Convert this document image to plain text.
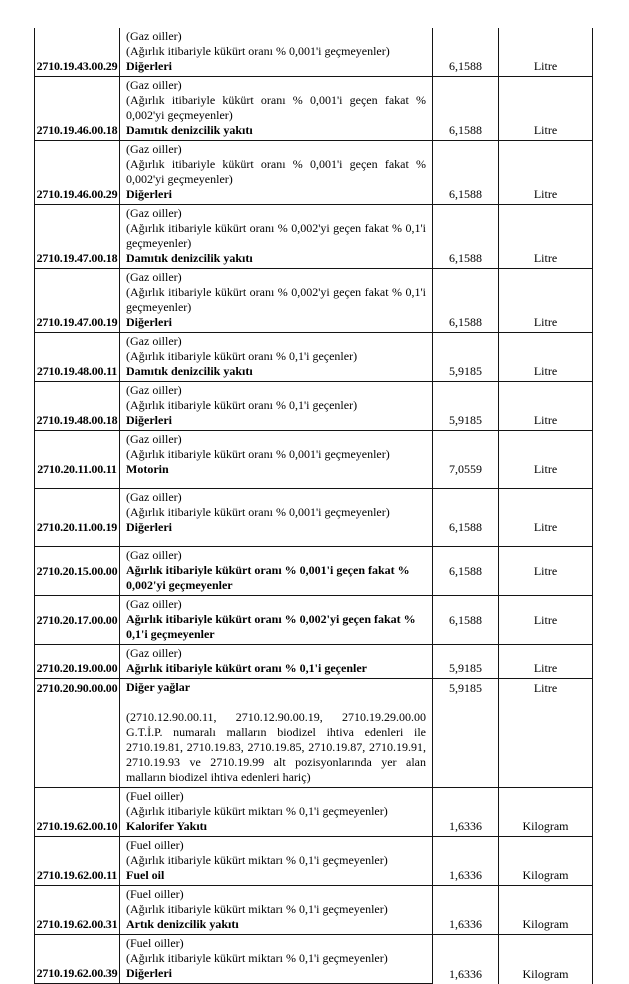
2710.19.43.00.29	(Gaz oiller)
(Ağırlık itibariyle kükürt oranı % 0,001'i geçmeyenler)
Diğerleri	6,1588	Litre
2710.19.46.00.18	(Gaz oiller)
(Ağırlık itibariyle kükürt oranı % 0,001'i geçen fakat % 0,002'yi geçmeyenler)
Damıtık denizcilik yakıtı	6,1588	Litre
2710.19.46.00.29	(Gaz oiller)
(Ağırlık itibariyle kükürt oranı % 0,001'i geçen fakat % 0,002'yi geçmeyenler)
Diğerleri	6,1588	Litre
2710.19.47.00.18	(Gaz oiller)
(Ağırlık itibariyle kükürt oranı % 0,002'yi geçen fakat % 0,1'i geçmeyenler)
Damıtık denizcilik yakıtı	6,1588	Litre
2710.19.47.00.19	(Gaz oiller)
(Ağırlık itibariyle kükürt oranı % 0,002'yi geçen fakat % 0,1'i geçmeyenler)
Diğerleri	6,1588	Litre
2710.19.48.00.11	(Gaz oiller)
(Ağırlık itibariyle kükürt oranı % 0,1'i geçenler)
Damıtık denizcilik yakıtı	5,9185	Litre
2710.19.48.00.18	(Gaz oiller)
(Ağırlık itibariyle kükürt oranı % 0,1'i geçenler)
Diğerleri	5,9185	Litre
2710.20.11.00.11	(Gaz oiller)
(Ağırlık itibariyle kükürt oranı % 0,001'i geçmeyenler)
Motorin	7,0559	Litre
2710.20.11.00.19	(Gaz oiller)
(Ağırlık itibariyle kükürt oranı % 0,001'i geçmeyenler)
Diğerleri	6,1588	Litre
2710.20.15.00.00	(Gaz oiller)
Ağırlık itibariyle kükürt oranı % 0,001'i geçen fakat % 0,002'yi geçmeyenler	6,1588	Litre
2710.20.17.00.00	(Gaz oiller)
Ağırlık itibariyle kükürt oranı % 0,002'yi geçen fakat % 0,1'i geçmeyenler	6,1588	Litre
2710.20.19.00.00	(Gaz oiller)
Ağırlık itibariyle kükürt oranı % 0,1'i geçenler	5,9185	Litre
2710.20.90.00.00	Diğer yağlar
(2710.12.90.00.11, 2710.12.90.00.19, 2710.19.29.00.00 G.T.İ.P. numaralı malların biodizel ihtiva edenleri ile 2710.19.81, 2710.19.83, 2710.19.85, 2710.19.87, 2710.19.91, 2710.19.93 ve 2710.19.99 alt pozisyonlarında yer alan malların biodizel ihtiva edenleri hariç)	5,9185	Litre
2710.19.62.00.10	(Fuel oiller)
(Ağırlık itibariyle kükürt miktarı % 0,1'i geçmeyenler)
Kalorifer Yakıtı	1,6336	Kilogram
2710.19.62.00.11	(Fuel oiller)
(Ağırlık itibariyle kükürt miktarı % 0,1'i geçmeyenler)
Fuel oil	1,6336	Kilogram
2710.19.62.00.31	(Fuel oiller)
(Ağırlık itibariyle kükürt miktarı % 0,1'i geçmeyenler)
Artık denizcilik yakıtı	1,6336	Kilogram
2710.19.62.00.39	(Fuel oiller)
(Ağırlık itibariyle kükürt miktarı % 0,1'i geçmeyenler)
Diğerleri	1,6336	Kilogram
